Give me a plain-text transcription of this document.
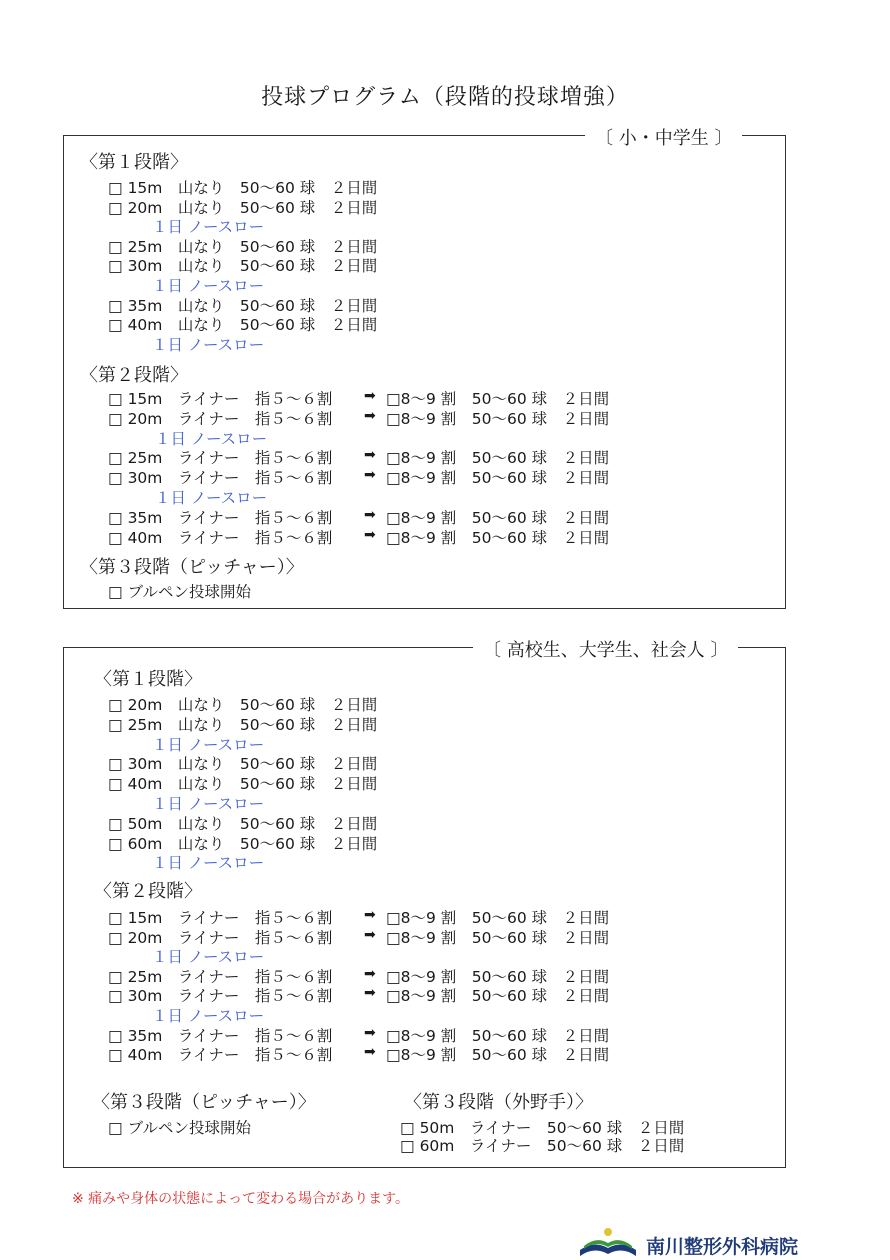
投球プログラム（段階的投球増強）
〔 小・中学生 〕
〈第１段階〉
□ 15m　山なり　50〜60 球　２日間
□ 20m　山なり　50〜60 球　２日間
１日 ノースロー
□ 25m　山なり　50〜60 球　２日間
□ 30m　山なり　50〜60 球　２日間
１日 ノースロー
□ 35m　山なり　50〜60 球　２日間
□ 40m　山なり　50〜60 球　２日間
１日 ノースロー
〈第２段階〉
□ 15m　ライナー　指５〜６割 ➡ □8〜9 割　50〜60 球　２日間
□ 20m　ライナー　指５〜６割 ➡ □8〜9 割　50〜60 球　２日間
１日 ノースロー
□ 25m　ライナー　指５〜６割 ➡ □8〜9 割　50〜60 球　２日間
□ 30m　ライナー　指５〜６割 ➡ □8〜9 割　50〜60 球　２日間
１日 ノースロー
□ 35m　ライナー　指５〜６割 ➡ □8〜9 割　50〜60 球　２日間
□ 40m　ライナー　指５〜６割 ➡ □8〜9 割　50〜60 球　２日間
〈第３段階（ピッチャー）〉
□ ブルペン投球開始
〔 高校生、大学生、社会人 〕
〈第１段階〉
□ 20m　山なり　50〜60 球　２日間
□ 25m　山なり　50〜60 球　２日間
１日 ノースロー
□ 30m　山なり　50〜60 球　２日間
□ 40m　山なり　50〜60 球　２日間
１日 ノースロー
□ 50m　山なり　50〜60 球　２日間
□ 60m　山なり　50〜60 球　２日間
１日 ノースロー
〈第２段階〉
□ 15m　ライナー　指５〜６割 ➡ □8〜9 割　50〜60 球　２日間
□ 20m　ライナー　指５〜６割 ➡ □8〜9 割　50〜60 球　２日間
１日 ノースロー
□ 25m　ライナー　指５〜６割 ➡ □8〜9 割　50〜60 球　２日間
□ 30m　ライナー　指５〜６割 ➡ □8〜9 割　50〜60 球　２日間
１日 ノースロー
□ 35m　ライナー　指５〜６割 ➡ □8〜9 割　50〜60 球　２日間
□ 40m　ライナー　指５〜６割 ➡ □8〜9 割　50〜60 球　２日間
〈第３段階（ピッチャー）〉
□ ブルペン投球開始
〈第３段階（外野手）〉
□ 50m　ライナー　50〜60 球　２日間
□ 60m　ライナー　50〜60 球　２日間
※ 痛みや身体の状態によって変わる場合があります。
南川整形外科病院
